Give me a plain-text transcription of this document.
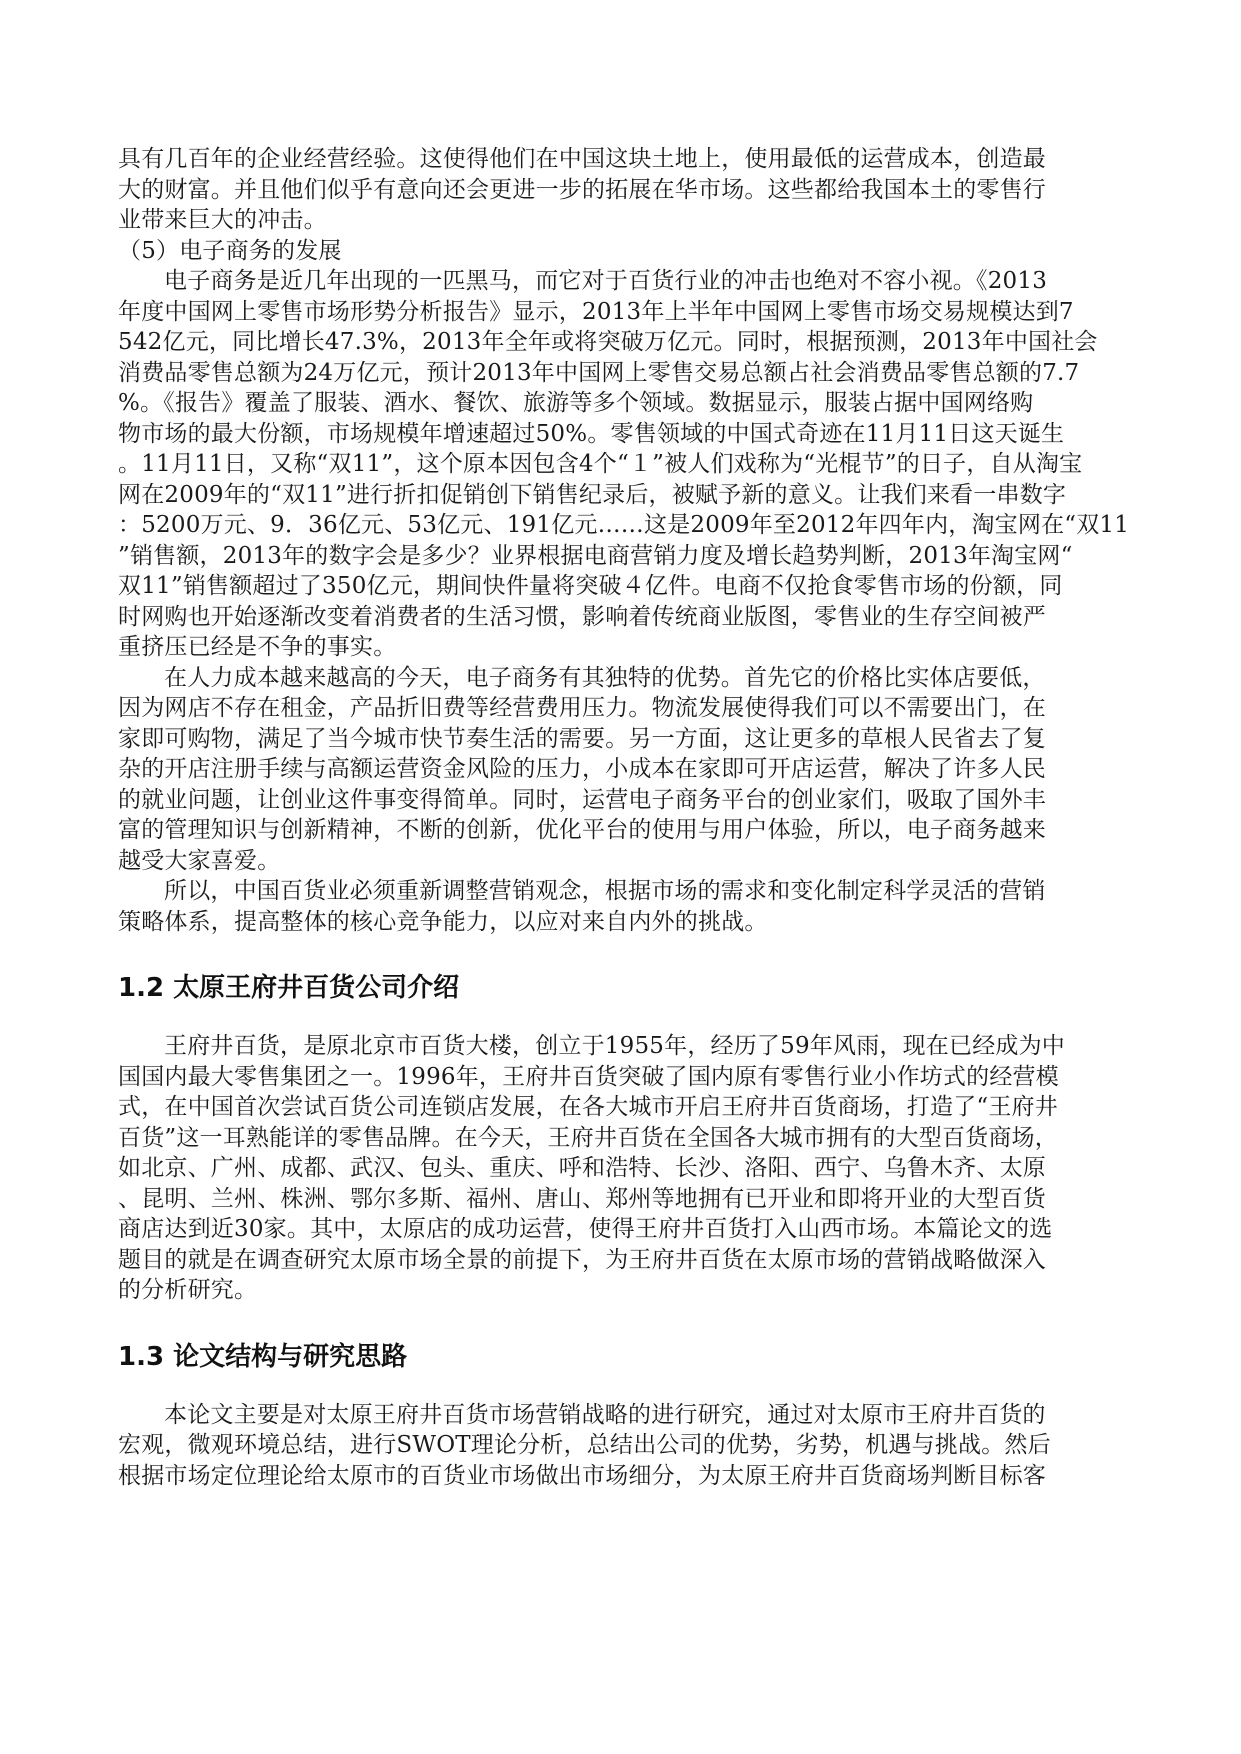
具有几百年的企业经营经验。这使得他们在中国这块土地上，使用最低的运营成本，创造最
大的财富。并且他们似乎有意向还会更进一步的拓展在华市场。这些都给我国本土的零售行
业带来巨大的冲击。
（5）电子商务的发展
电子商务是近几年出现的一匹黑马，而它对于百货行业的冲击也绝对不容小视。《2013
年度中国网上零售市场形势分析报告》显示，2013年上半年中国网上零售市场交易规模达到7
542亿元，同比增长47.3%，2013年全年或将突破万亿元。同时，根据预测，2013年中国社会
消费品零售总额为24万亿元，预计2013年中国网上零售交易总额占社会消费品零售总额的7.7
%。《报告》覆盖了服装、酒水、餐饮、旅游等多个领域。数据显示，服装占据中国网络购
物市场的最大份额，市场规模年增速超过50%。零售领域的中国式奇迹在11月11日这天诞生
。11月11日，又称“双11”，这个原本因包含4个“１”被人们戏称为“光棍节”的日子，自从淘宝
网在2009年的“双11”进行折扣促销创下销售纪录后，被赋予新的意义。让我们来看一串数字
：5200万元、9．36亿元、53亿元、191亿元……这是2009年至2012年四年内，淘宝网在“双11
”销售额，2013年的数字会是多少？业界根据电商营销力度及增长趋势判断，2013年淘宝网“
双11”销售额超过了350亿元，期间快件量将突破４亿件。电商不仅抢食零售市场的份额，同
时网购也开始逐渐改变着消费者的生活习惯，影响着传统商业版图，零售业的生存空间被严
重挤压已经是不争的事实。
在人力成本越来越高的今天，电子商务有其独特的优势。首先它的价格比实体店要低，
因为网店不存在租金，产品折旧费等经营费用压力。物流发展使得我们可以不需要出门，在
家即可购物，满足了当今城市快节奏生活的需要。另一方面，这让更多的草根人民省去了复
杂的开店注册手续与高额运营资金风险的压力，小成本在家即可开店运营，解决了许多人民
的就业问题，让创业这件事变得简单。同时，运营电子商务平台的创业家们，吸取了国外丰
富的管理知识与创新精神，不断的创新，优化平台的使用与用户体验，所以，电子商务越来
越受大家喜爱。
所以，中国百货业必须重新调整营销观念，根据市场的需求和变化制定科学灵活的营销
策略体系，提高整体的核心竞争能力，以应对来自内外的挑战。
1.2 太原王府井百货公司介绍
王府井百货，是原北京市百货大楼，创立于1955年，经历了59年风雨，现在已经成为中
国国内最大零售集团之一。1996年，王府井百货突破了国内原有零售行业小作坊式的经营模
式，在中国首次尝试百货公司连锁店发展，在各大城市开启王府井百货商场，打造了“王府井
百货”这一耳熟能详的零售品牌。在今天，王府井百货在全国各大城市拥有的大型百货商场，
如北京、广州、成都、武汉、包头、重庆、呼和浩特、长沙、洛阳、西宁、乌鲁木齐、太原
、昆明、兰州、株洲、鄂尔多斯、福州、唐山、郑州等地拥有已开业和即将开业的大型百货
商店达到近30家。其中，太原店的成功运营，使得王府井百货打入山西市场。本篇论文的选
题目的就是在调查研究太原市场全景的前提下，为王府井百货在太原市场的营销战略做深入
的分析研究。
1.3 论文结构与研究思路
本论文主要是对太原王府井百货市场营销战略的进行研究，通过对太原市王府井百货的
宏观，微观环境总结，进行SWOT理论分析，总结出公司的优势，劣势，机遇与挑战。然后
根据市场定位理论给太原市的百货业市场做出市场细分，为太原王府井百货商场判断目标客
